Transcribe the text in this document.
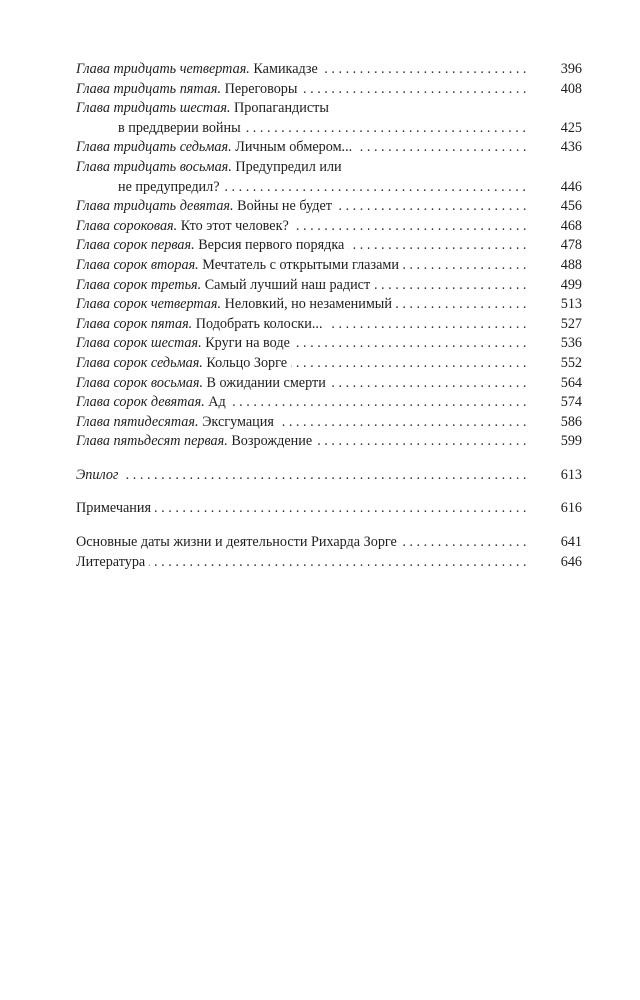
. . .
Глава тридцать четвертая. Камикадзе	396
. . .
Глава тридцать пятая. Переговоры	408
Глава тридцать шестая. Пропагандисты
. . .
в преддверии войны	425
. . .
Глава тридцать седьмая. Личным обмером...	436
Глава тридцать восьмая. Предупредил или
. . .
не предупредил?	446
. . .
Глава тридцать девятая. Войны не будет	456
. . .
Глава сороковая. Кто этот человек?	468
. . .
Глава сорок первая. Версия первого порядка	478
. . .
Глава сорок вторая. Мечтатель с открытыми глазами	488
. . .
Глава сорок третья. Самый лучший наш радист	499
. . .
Глава сорок четвертая. Неловкий, но незаменимый	513
. . .
Глава сорок пятая. Подобрать колоски...	527
. . .
Глава сорок шестая. Круги на воде	536
. . .
Глава сорок седьмая. Кольцо Зорге	552
. . .
Глава сорок восьмая. В ожидании смерти	564
. . .
Глава сорок девятая. Ад	574
. . .
Глава пятидесятая. Эксгумация	586
. . .
Глава пятьдесят первая. Возрождение	599
. . .
Эпилог	613
. . .
Примечания	616
. . .
Основные даты жизни и деятельности Рихарда Зорге	641
. . .
Литература	646
